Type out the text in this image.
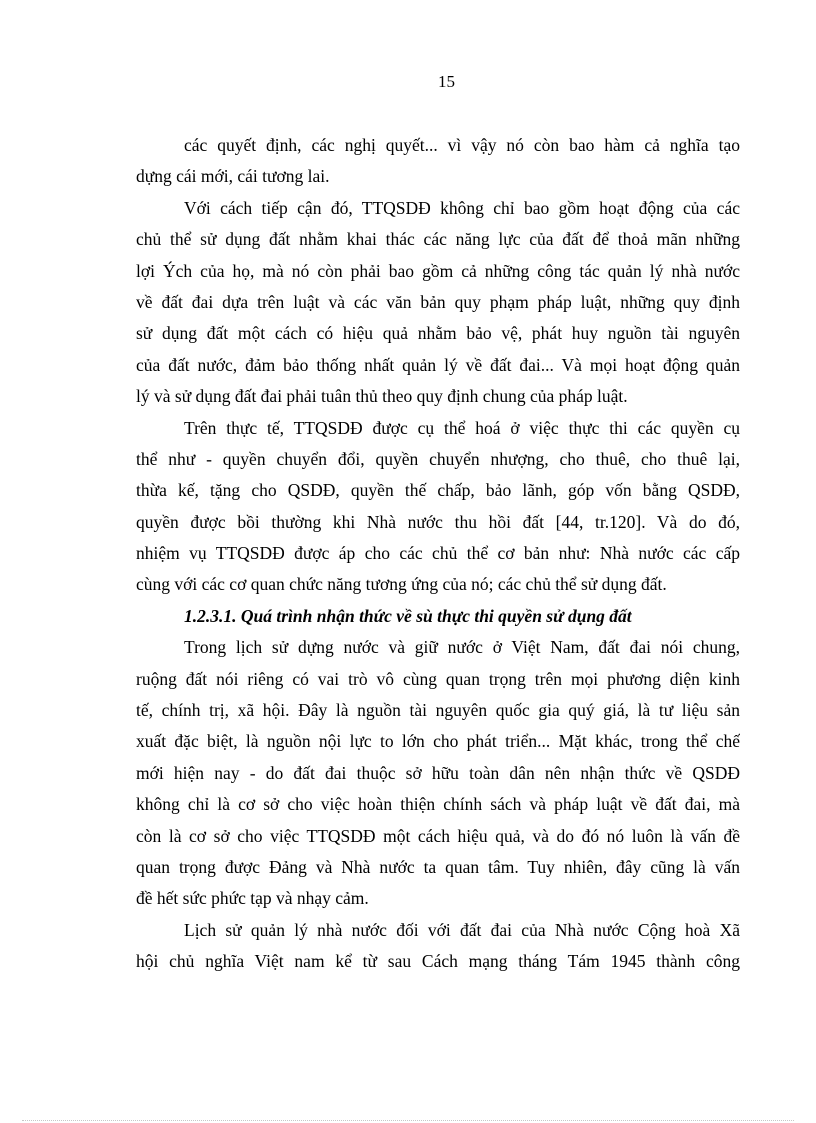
15
các quyết định, các nghị quyết... vì vậy nó còn bao hàm cả nghĩa tạo
dựng cái mới, cái tương lai.
Với cách tiếp cận đó, TTQSDĐ không chỉ bao gồm hoạt động của các
chủ thể sử dụng đất nhằm khai thác các năng lực của đất để thoả mãn những
lợi Ých của họ, mà nó còn phải bao gồm cả những công tác quản lý nhà nước
về đất đai dựa trên luật và các văn bản quy phạm pháp luật, những quy định
sử dụng đất một cách có hiệu quả nhằm bảo vệ, phát huy nguồn tài nguyên
của đất nước, đảm bảo thống nhất quản lý về đất đai... Và mọi hoạt động quản
lý và sử dụng đất đai phải tuân thủ theo quy định chung của pháp luật.
Trên thực tế, TTQSDĐ được cụ thể hoá ở việc thực thi các quyền cụ
thể như - quyền chuyển đổi, quyền chuyển nhượng, cho thuê, cho thuê lại,
thừa kế, tặng cho QSDĐ, quyền thế chấp, bảo lãnh, góp vốn bằng QSDĐ,
quyền được bồi thường khi Nhà nước thu hồi đất [44, tr.120]. Và do đó,
nhiệm vụ TTQSDĐ được áp cho các chủ thể cơ bản như: Nhà nước các cấp
cùng với các cơ quan chức năng tương ứng của nó; các chủ thể sử dụng đất.
1.2.3.1. Quá trình nhận thức về sù thực thi quyền sử dụng đất
Trong lịch sử dựng nước và giữ nước ở Việt Nam, đất đai nói chung,
ruộng đất nói riêng có vai trò vô cùng quan trọng trên mọi phương diện kinh
tế, chính trị, xã hội. Đây là nguồn tài nguyên quốc gia quý giá, là tư liệu sản
xuất đặc biệt, là nguồn nội lực to lớn cho phát triển... Mặt khác, trong thể chế
mới hiện nay - do đất đai thuộc sở hữu toàn dân nên nhận thức về QSDĐ
không chỉ là cơ sở cho việc hoàn thiện chính sách và pháp luật về đất đai, mà
còn là cơ sở cho việc TTQSDĐ một cách hiệu quả, và do đó nó luôn là vấn đề
quan trọng được Đảng và Nhà nước ta quan tâm. Tuy nhiên, đây cũng là vấn
đề hết sức phức tạp và nhạy cảm.
Lịch sử quản lý nhà nước đối với đất đai của Nhà nước Cộng hoà Xã
hội chủ nghĩa Việt nam kể từ sau Cách mạng tháng Tám 1945 thành công
